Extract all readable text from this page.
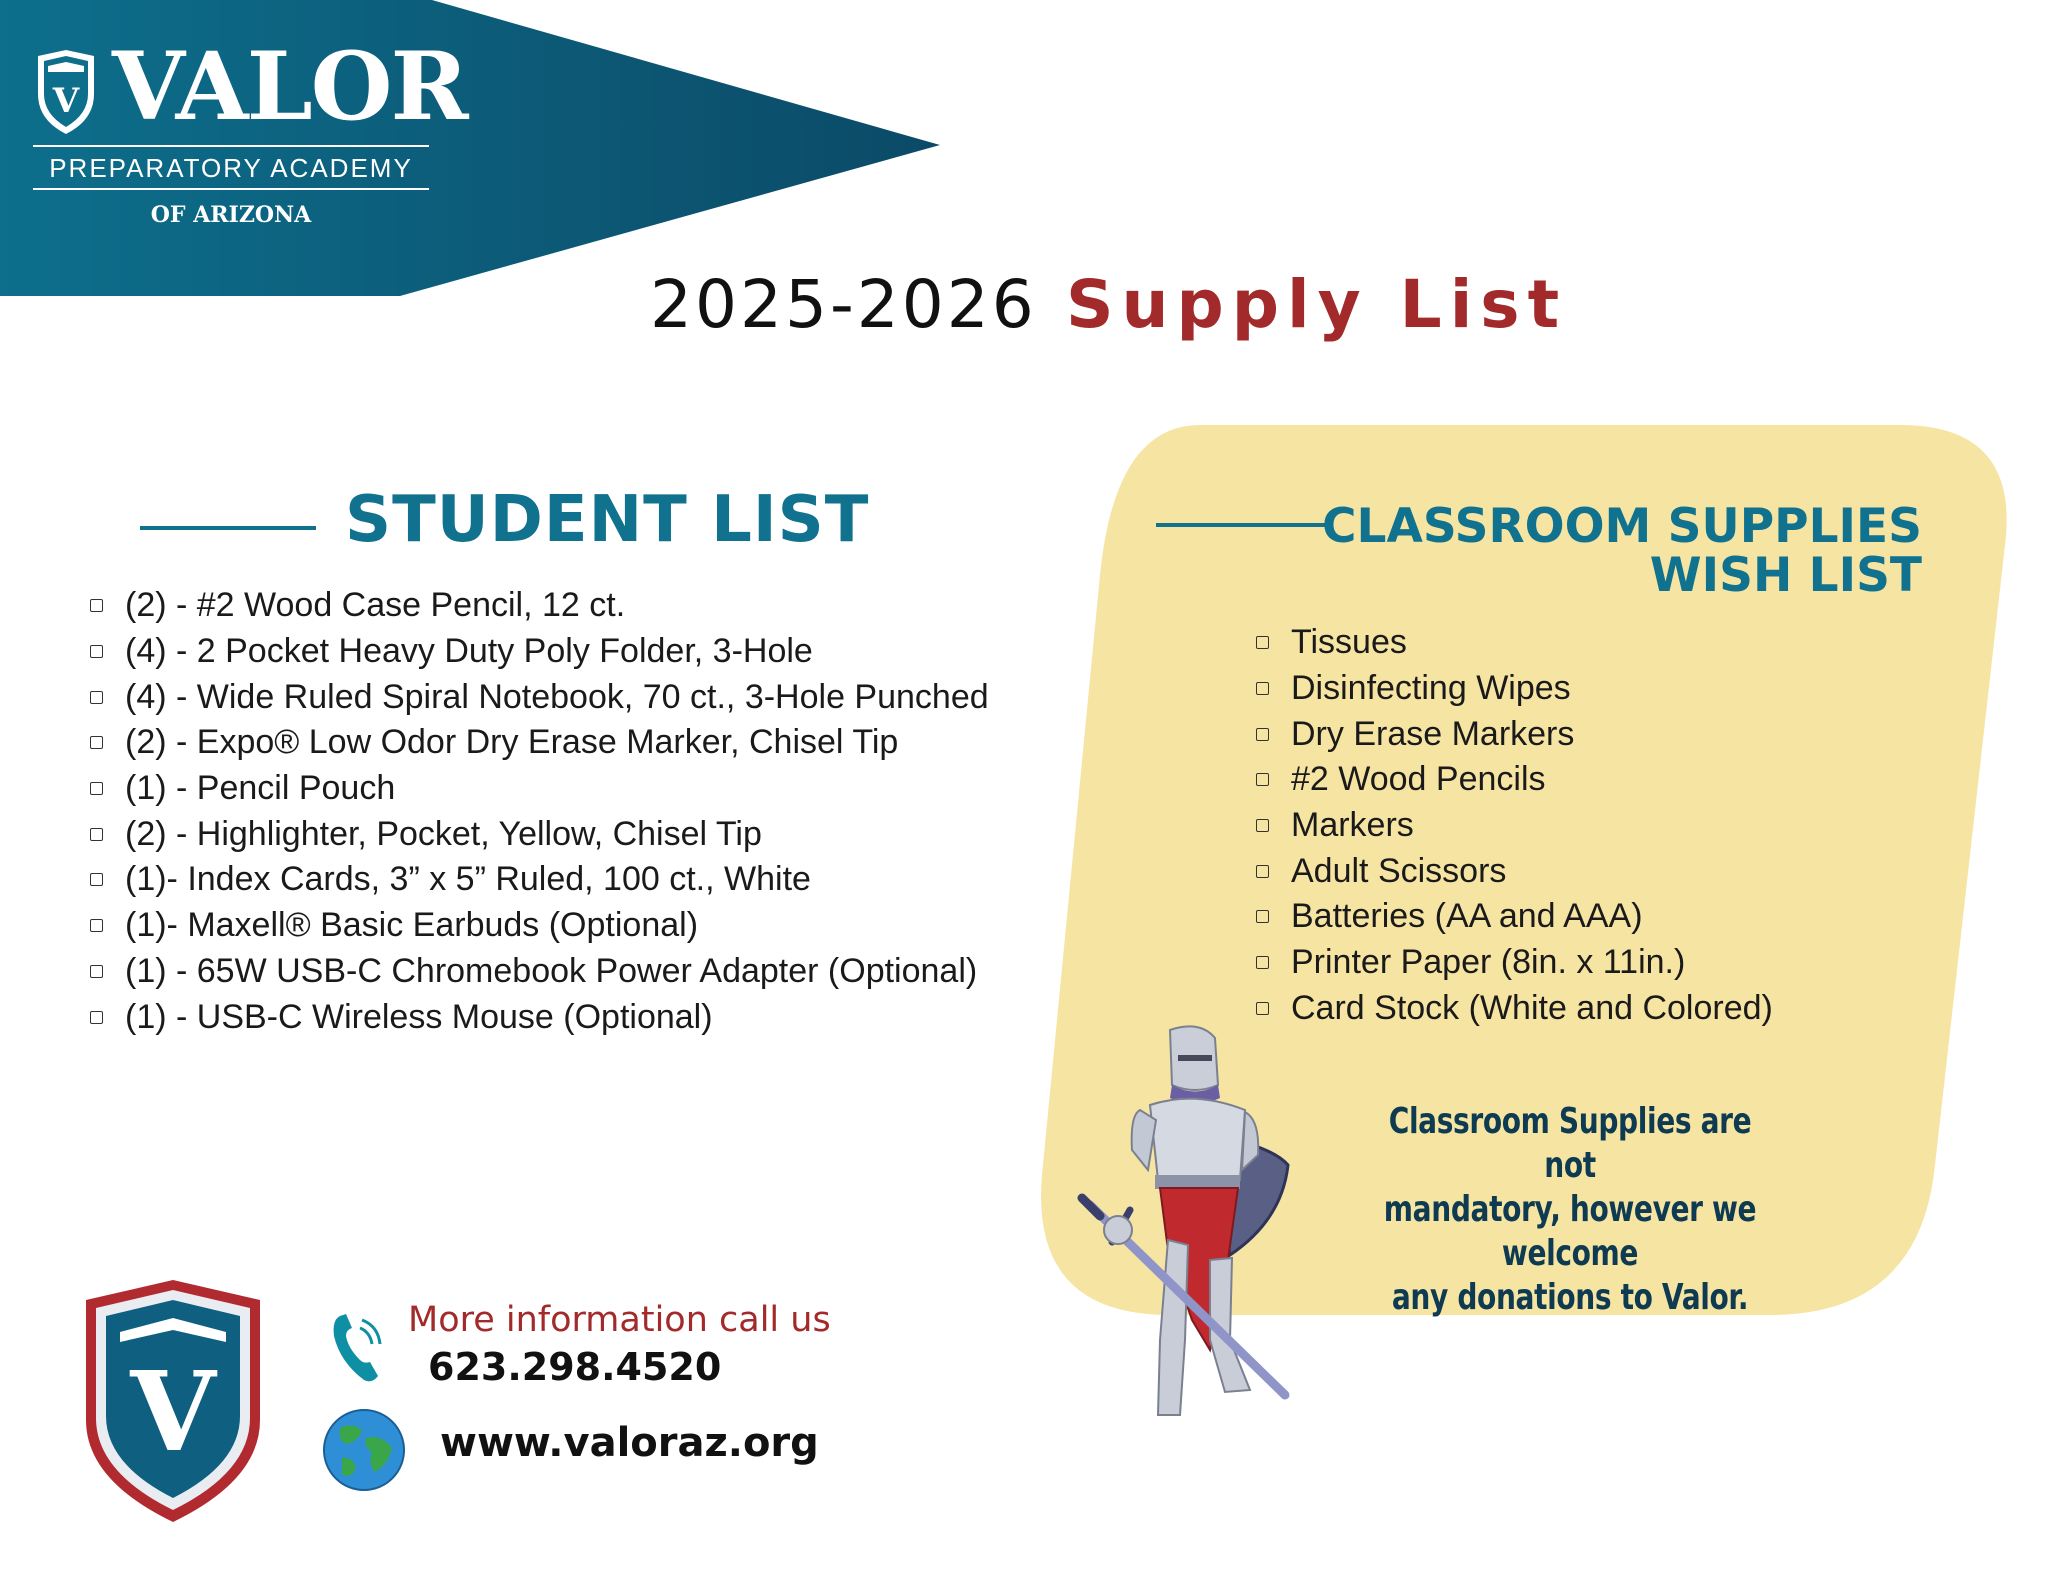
V VALOR
PREPARATORY ACADEMY
OF ARIZONA
2025-2026 Supply List
STUDENT LIST
(2) - #2 Wood Case Pencil, 12 ct.
(4) - 2 Pocket Heavy Duty Poly Folder, 3-Hole
(4) - Wide Ruled Spiral Notebook, 70 ct., 3-Hole Punched
(2) - Expo® Low Odor Dry Erase Marker, Chisel Tip
(1) - Pencil Pouch
(2) - Highlighter, Pocket, Yellow, Chisel Tip
(1)- Index Cards, 3” x 5” Ruled, 100 ct., White
(1)- Maxell® Basic Earbuds (Optional)
(1) - 65W USB-C Chromebook Power Adapter (Optional)
(1) - USB-C Wireless Mouse (Optional)
CLASSROOM SUPPLIES
WISH LIST
Tissues
Disinfecting Wipes
Dry Erase Markers
#2 Wood Pencils
Markers
Adult Scissors
Batteries (AA and AAA)
Printer Paper (8in. x 11in.)
Card Stock (White and Colored)
Classroom Supplies are not
mandatory, however we welcome
any donations to Valor.
V
More information call us
623.298.4520
www.valoraz.org
